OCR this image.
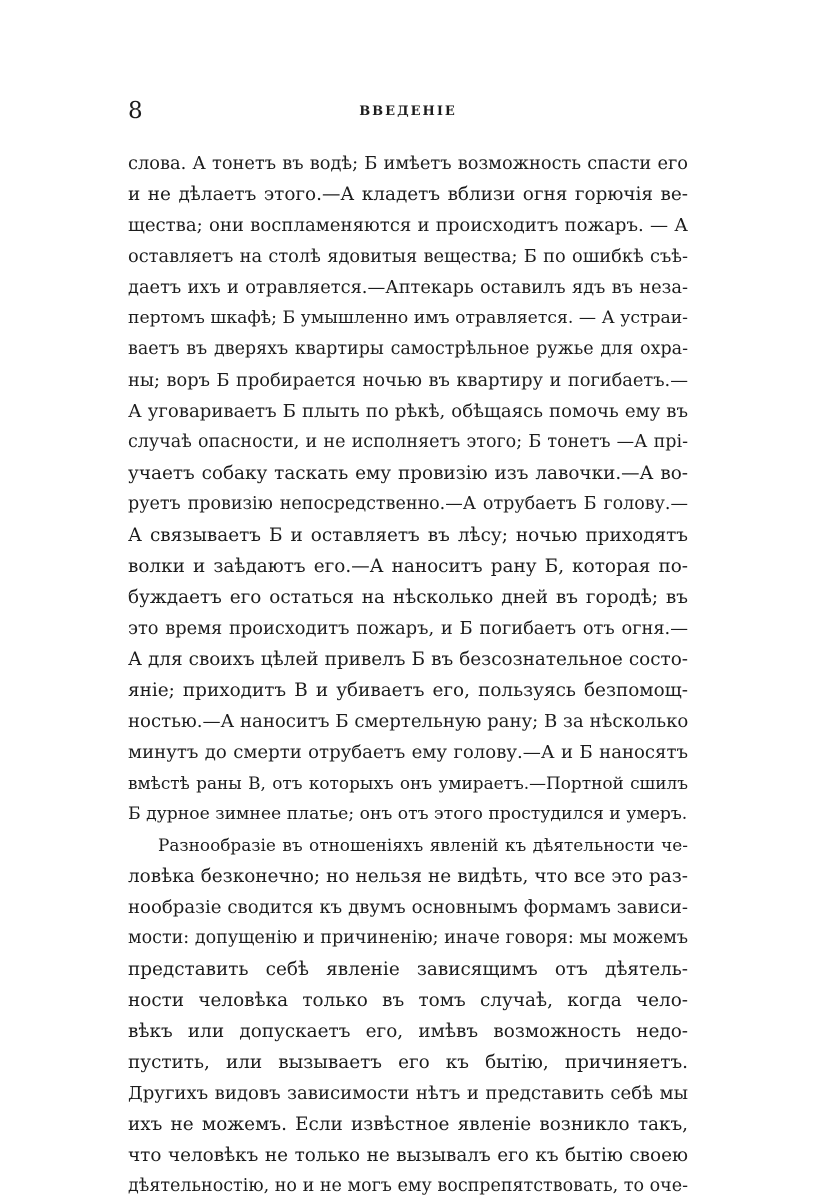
8	ВВЕДЕНІЕ
слова. А тонетъ въ водѣ; Б имѣетъ возможность спасти его
и не дѣлаетъ этого.—А кладетъ вблизи огня горючія ве-
щества; они воспламеняются и происходитъ пожаръ. — А
оставляетъ на столѣ ядовитыя вещества; Б по ошибкѣ съѣ-
даетъ ихъ и отравляется.—Аптекарь оставилъ ядъ въ неза-
пертомъ шкафѣ; Б умышленно имъ отравляется. — А устраи-
ваетъ въ дверяхъ квартиры самострѣльное ружье для охра-
ны; воръ Б пробирается ночью въ квартиру и погибаетъ.—
А уговариваетъ Б плыть по рѣкѣ, обѣщаясь помочь ему въ
случаѣ опасности, и не исполняетъ этого; Б тонетъ —А прі-
учаетъ собаку таскать ему провизію изъ лавочки.—А во-
руетъ провизію непосредственно.—А отрубаетъ Б голову.—
А связываетъ Б и оставляетъ въ лѣсу; ночью приходятъ
волки и заѣдаютъ его.—А наноситъ рану Б, которая по-
буждаетъ его остаться на нѣсколько дней въ городѣ; въ
это время происходитъ пожаръ, и Б погибаетъ отъ огня.—
А для своихъ цѣлей привелъ Б въ безсознательное состо-
яніе; приходитъ В и убиваетъ его, пользуясь безпомощ-
ностью.—А наноситъ Б смертельную рану; В за нѣсколько
минутъ до смерти отрубаетъ ему голову.—А и Б наносятъ
вмѣстѣ раны В, отъ которыхъ онъ умираетъ.—Портной сшилъ
Б дурное зимнее платье; онъ отъ этого простудился и умеръ.
Разнообразіе въ отношеніяхъ явленій къ дѣятельности че-
ловѣка безконечно; но нельзя не видѣть, что все это раз-
нообразіе сводится къ двумъ основнымъ формамъ зависи-
мости: допущенію и причиненію; иначе говоря: мы можемъ
представить себѣ явленіе зависящимъ отъ дѣятель-
ности человѣка только въ томъ случаѣ, когда чело-
вѣкъ или допускаетъ его, имѣвъ возможность недо-
пустить, или вызываетъ его къ бытію, причиняетъ.
Другихъ видовъ зависимости нѣтъ и представить себѣ мы
ихъ не можемъ. Если извѣстное явленіе возникло такъ,
что человѣкъ не только не вызывалъ его къ бытію своею
дѣятельностію, но и не могъ ему воспрепятствовать, то оче-
